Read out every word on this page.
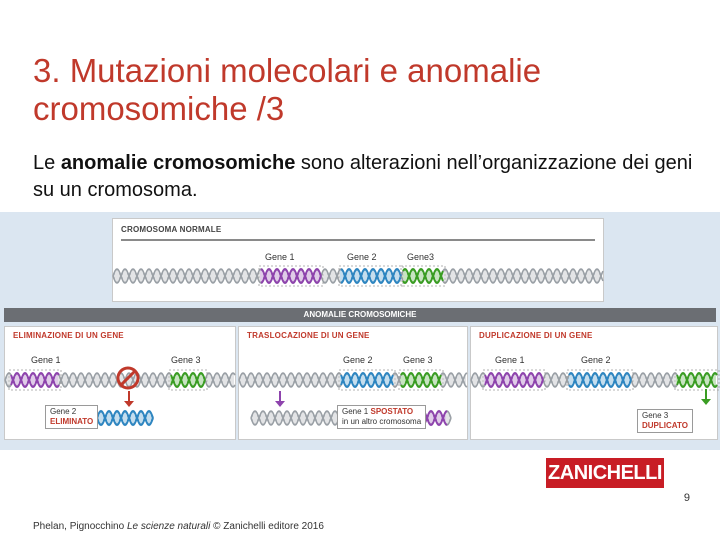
3. Mutazioni molecolari e anomalie cromosomiche /3
Le anomalie cromosomiche sono alterazioni nell’organizzazione dei geni su un cromosoma.
CROMOSOMA NORMALE
Gene 1	Gene 2	Gene3
ANOMALIE CROMOSOMICHE
ELIMINAZIONE DI UN GENE
Gene 1	Gene 3
Gene 2
ELIMINATO
TRASLOCAZIONE DI UN GENE
Gene 2	Gene 3
Gene 1 SPOSTATO
in un altro cromosoma
DUPLICAZIONE DI UN GENE
Gene 1	Gene 2
Gene 3
DUPLICATO
ZANICHELLI
9
Phelan, Pignocchino Le scienze naturali © Zanichelli editore 2016
